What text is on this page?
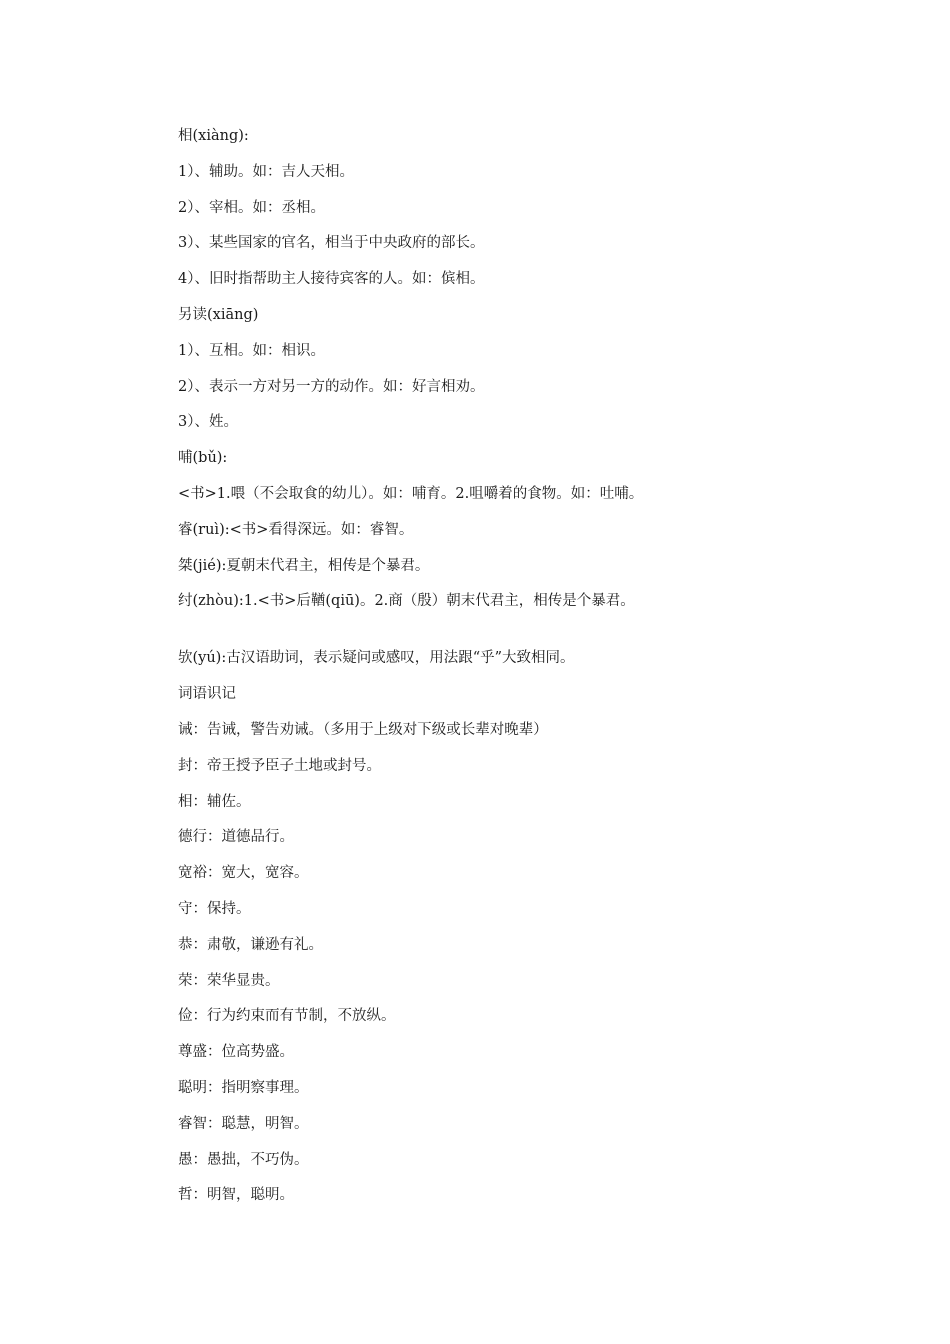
相(xiàng):
1）、辅助。如：吉人天相。
2）、宰相。如：丞相。
3）、某些国家的官名，相当于中央政府的部长。
4）、旧时指帮助主人接待宾客的人。如：傧相。
另读(xiāng)
1）、互相。如：相识。
2）、表示一方对另一方的动作。如：好言相劝。
3）、姓。
哺(bǔ):
<书>1.喂（不会取食的幼儿）。如：哺育。2.咀嚼着的食物。如：吐哺。
睿(ruì):<书>看得深远。如：睿智。
桀(jié):夏朝末代君主，相传是个暴君。
纣(zhòu):1.<书>后鞧(qiū)。2.商（殷）朝末代君主，相传是个暴君。
欤(yú):古汉语助词，表示疑问或感叹，用法跟“乎”大致相同。
词语识记
诫：告诫，警告劝诫。（多用于上级对下级或长辈对晚辈）
封：帝王授予臣子土地或封号。
相：辅佐。
德行：道德品行。
宽裕：宽大，宽容。
守：保持。
恭：肃敬，谦逊有礼。
荣：荣华显贵。
俭：行为约束而有节制，不放纵。
尊盛：位高势盛。
聪明：指明察事理。
睿智：聪慧，明智。
愚：愚拙，不巧伪。
哲：明智，聪明。
